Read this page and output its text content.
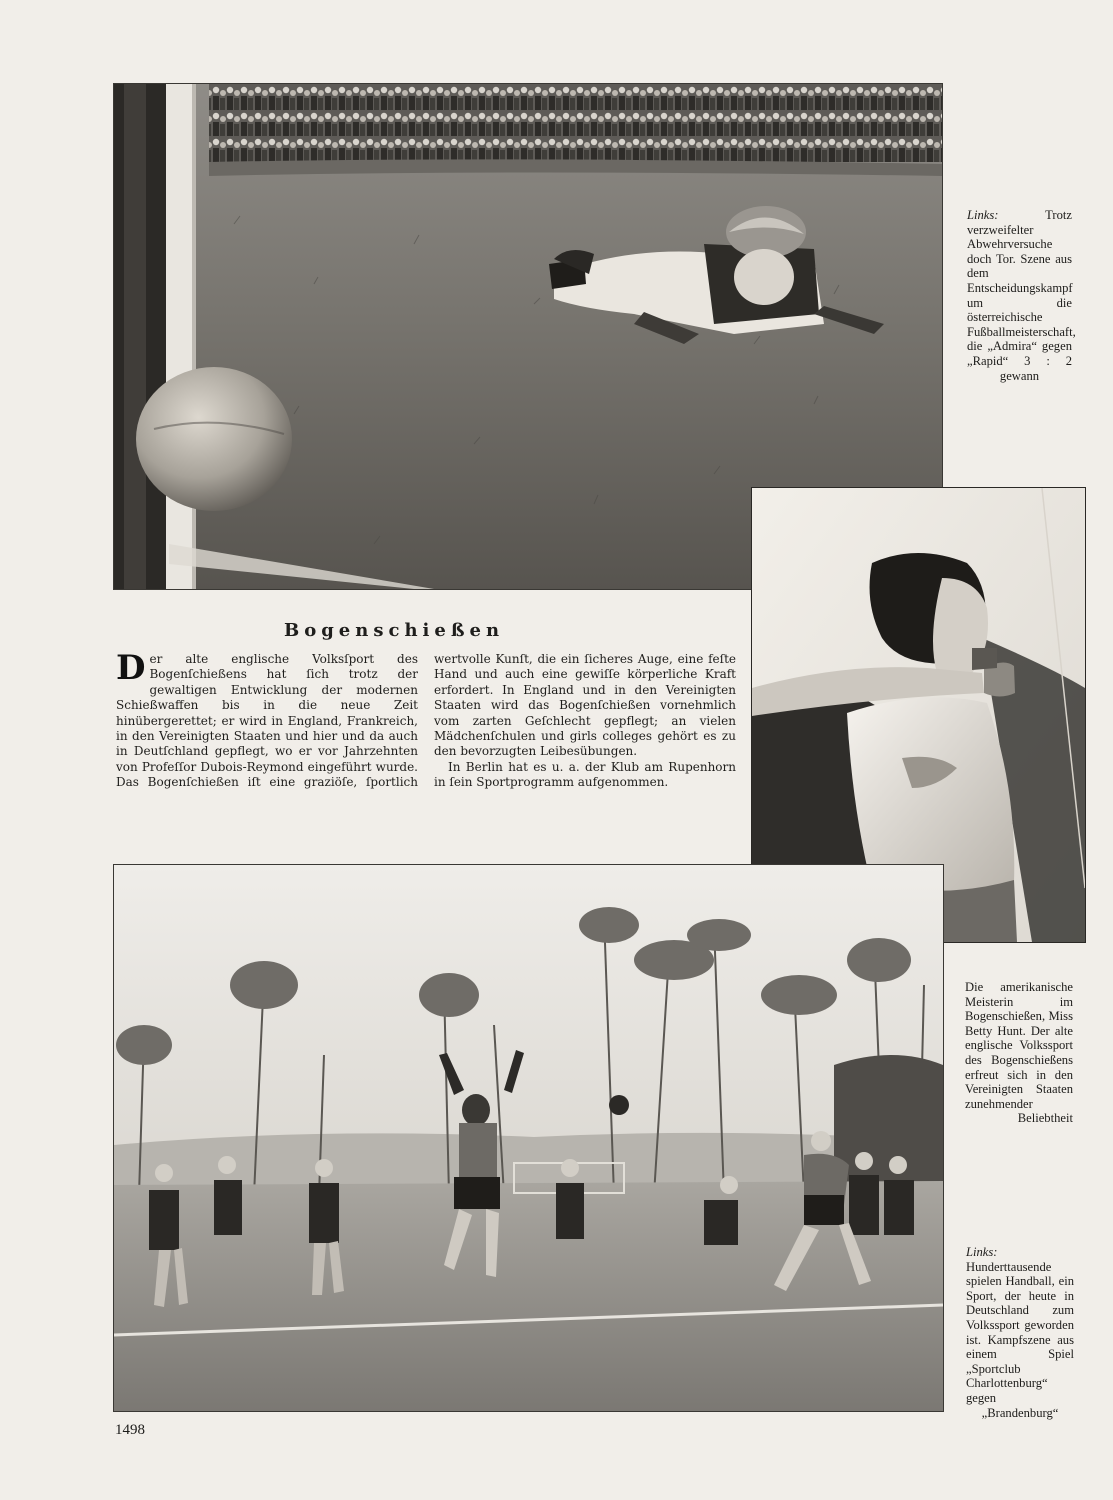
Links:	Trotz verzweifelter Abwehrversuche doch Tor. Szene aus dem Entscheidungskampf um die österreichische Fußballmeisterschaft, die „Admira“ gegen „Rapid“ 3 : 2 gewann

Bogenschießen

D er alte englische Volksſport des Bogenſchießens hat ſich trotz der gewaltigen Entwicklung der modernen Schießwaffen bis in die neue Zeit hinübergerettet; er wird in England, Frankreich, in den Vereinigten Staaten und hier und da auch in Deutſchland gepflegt, wo er vor Jahrzehnten von Profeſſor Dubois-Reymond eingeführt wurde. Das Bogenſchießen iſt eine graziöſe, ſportlich wertvolle Kunſt, die ein ſicheres Auge, eine feſte Hand und auch eine gewiſſe körperliche Kraft erfordert. In England und in den Vereinigten Staaten wird das Bogenſchießen vornehmlich vom zarten Geſchlecht gepflegt; an vielen Mädchenſchulen und girls colleges gehört es zu den bevorzugten Leibesübungen.

In Berlin hat es u. a. der Klub am Rupenhorn in ſein Sportprogramm aufgenommen.

Die amerikanische Meisterin im Bogenschießen, Miss Betty Hunt. Der alte englische Volkssport des Bogenschießens erfreut sich in den Vereinigten Staaten zunehmender Beliebtheit

Links: Hunderttausende spielen Handball, ein Sport, der heute in Deutschland zum Volkssport geworden ist. Kampfszene aus einem Spiel „Sportclub Charlottenburg“ gegen „Brandenburg“

1498
